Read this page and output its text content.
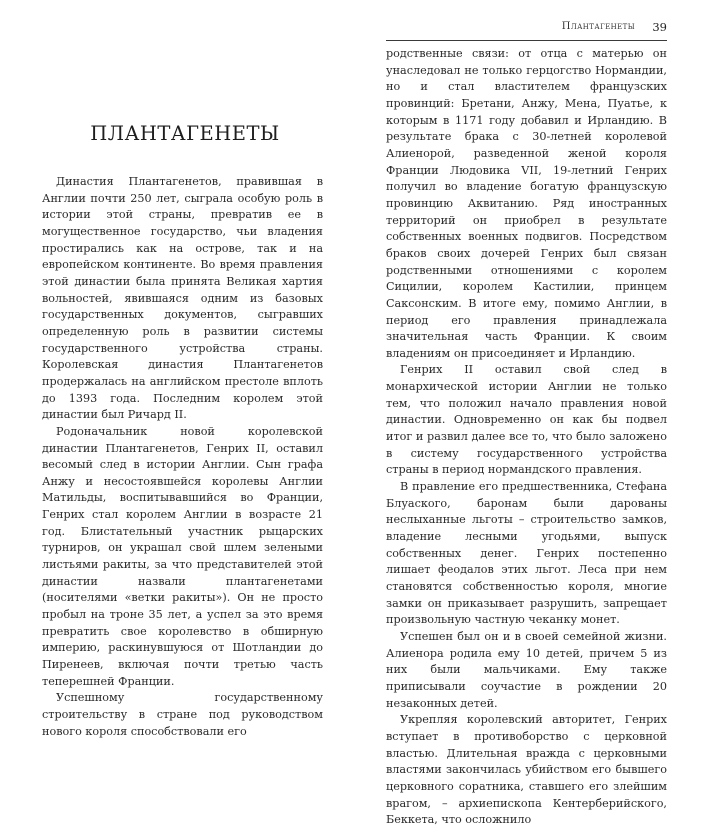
ПЛАНТАГЕНЕТЫ

Династия Плантагенетов, правившая в Англии почти 250 лет, сыграла особую роль в истории этой страны, превратив ее в могущественное государство, чьи владения простирались как на острове, так и на европейском континенте. Во время правления этой династии была принята Великая хартия вольностей, явившаяся одним из базовых государственных документов, сыгравших определенную роль в развитии системы государственного устройства страны. Королевская династия Плантагенетов продержалась на английском престоле вплоть до 1393 года. Последним королем этой династии был Ричард II.

Родоначальник новой королевской династии Плантагенетов, Генрих II, оставил весомый след в истории Англии. Сын графа Анжу и несостоявшейся королевы Англии Матильды, воспитывавшийся во Франции, Генрих стал королем Англии в возрасте 21 год. Блистательный участник рыцарских турниров, он украшал свой шлем зелеными листьями ракиты, за что представителей этой династии назвали плантагенетами (носителями «ветки ракиты»). Он не просто пробыл на троне 35 лет, а успел за это время превратить свое королевство в обширную империю, раскинувшуюся от Шотландии до Пиренеев, включая почти третью часть теперешней Франции.

Успешному государственному строительству в стране под руководством нового короля способствовали его

Плантагенеты 39

родственные связи: от отца с матерью он унаследовал не только герцогство Нормандии, но и стал властителем французских провинций: Бретани, Анжу, Мена, Пуатье, к которым в 1171 году добавил и Ирландию. В результате брака с 30-летней королевой Алиенорой, разведенной женой короля Франции Людовика VII, 19-летний Генрих получил во владение богатую французскую провинцию Аквитанию. Ряд иностранных территорий он приобрел в результате собственных военных подвигов. Посредством браков своих дочерей Генрих был связан родственными отношениями с королем Сицилии, королем Кастилии, принцем Саксонским. В итоге ему, помимо Англии, в период его правления принадлежала значительная часть Франции. К своим владениям он присоединяет и Ирландию.

Генрих II оставил свой след в монархической истории Англии не только тем, что положил начало правления новой династии. Одновременно он как бы подвел итог и развил далее все то, что было заложено в систему государственного устройства страны в период нормандского правления.

В правление его предшественника, Стефана Блуаского, баронам были дарованы неслыханные льготы – строительство замков, владение лесными угодьями, выпуск собственных денег. Генрих постепенно лишает феодалов этих льгот. Леса при нем становятся собственностью короля, многие замки он приказывает разрушить, запрещает произвольную частную чеканку монет.

Успешен был он и в своей семейной жизни. Алиенора родила ему 10 детей, причем 5 из них были мальчиками. Ему также приписывали соучастие в рождении 20 незаконных детей.

Укрепляя королевский авторитет, Генрих вступает в противоборство с церковной властью. Длительная вражда с церковными властями закончилась убийством его бывшего церковного соратника, ставшего его злейшим врагом, – архиепископа Кентерберийского, Беккета, что осложнило
